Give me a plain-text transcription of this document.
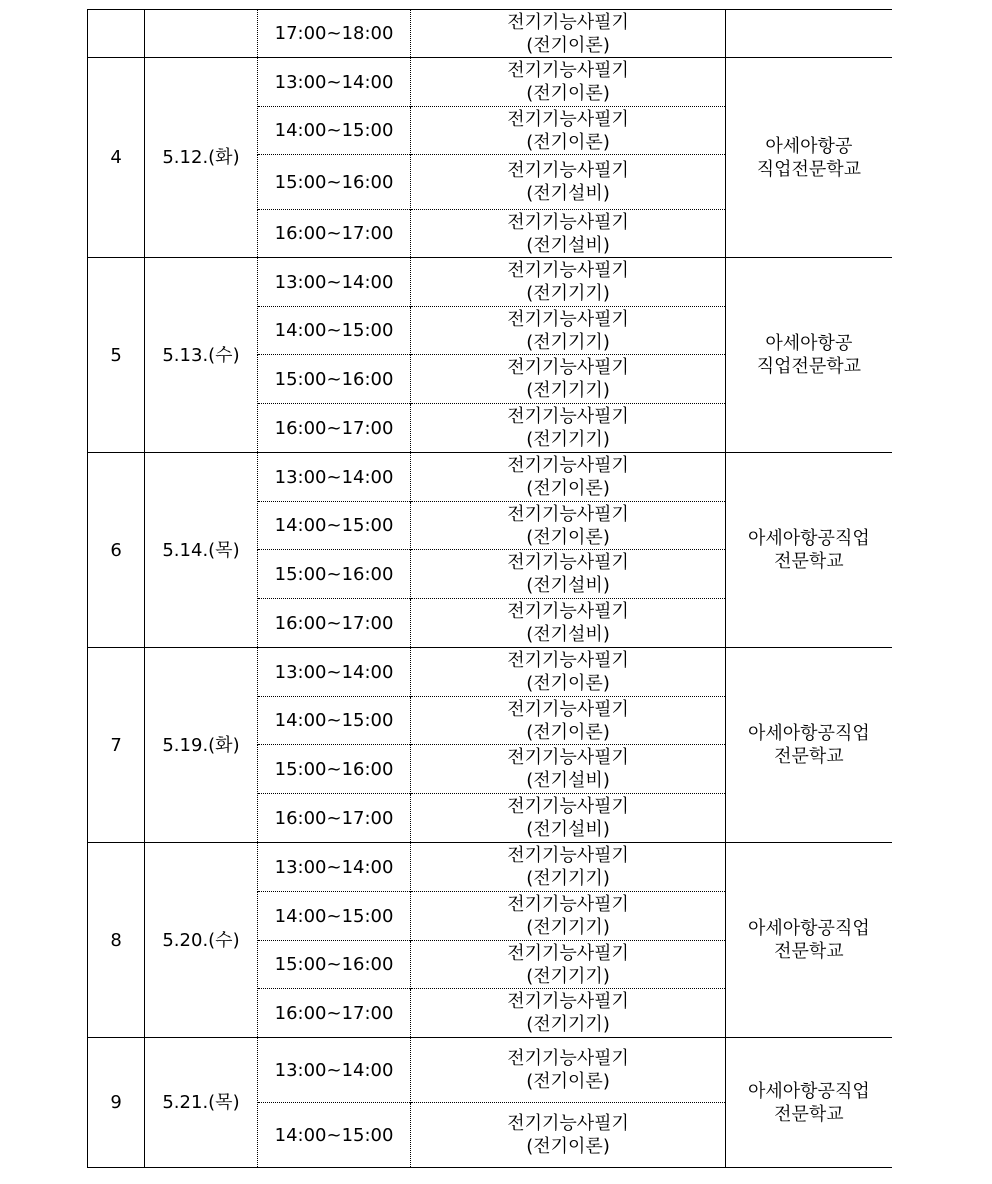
		17:00~18:00	전기기능사필기
(전기이론)	

4	5.12.(화)	13:00~14:00	전기기능사필기
(전기이론)	아세아항공
직업전문학교
		14:00~15:00	전기기능사필기
(전기이론)	

		15:00~16:00	전기기능사필기
(전기설비)	

		16:00~17:00	전기기능사필기
(전기설비)	

5	5.13.(수)	13:00~14:00	전기기능사필기
(전기기기)	아세아항공
직업전문학교
		14:00~15:00	전기기능사필기
(전기기기)	

		15:00~16:00	전기기능사필기
(전기기기)	

		16:00~17:00	전기기능사필기
(전기기기)	

6	5.14.(목)	13:00~14:00	전기기능사필기
(전기이론)	아세아항공직업
전문학교
		14:00~15:00	전기기능사필기
(전기이론)	

		15:00~16:00	전기기능사필기
(전기설비)	

		16:00~17:00	전기기능사필기
(전기설비)	

7	5.19.(화)	13:00~14:00	전기기능사필기
(전기이론)	아세아항공직업
전문학교
		14:00~15:00	전기기능사필기
(전기이론)	

		15:00~16:00	전기기능사필기
(전기설비)	

		16:00~17:00	전기기능사필기
(전기설비)	

8	5.20.(수)	13:00~14:00	전기기능사필기
(전기기기)	아세아항공직업
전문학교
		14:00~15:00	전기기능사필기
(전기기기)	

		15:00~16:00	전기기능사필기
(전기기기)	

		16:00~17:00	전기기능사필기
(전기기기)	

9	5.21.(목)	13:00~14:00	전기기능사필기
(전기이론)	아세아항공직업
전문학교
		14:00~15:00	전기기능사필기
(전기이론)	
